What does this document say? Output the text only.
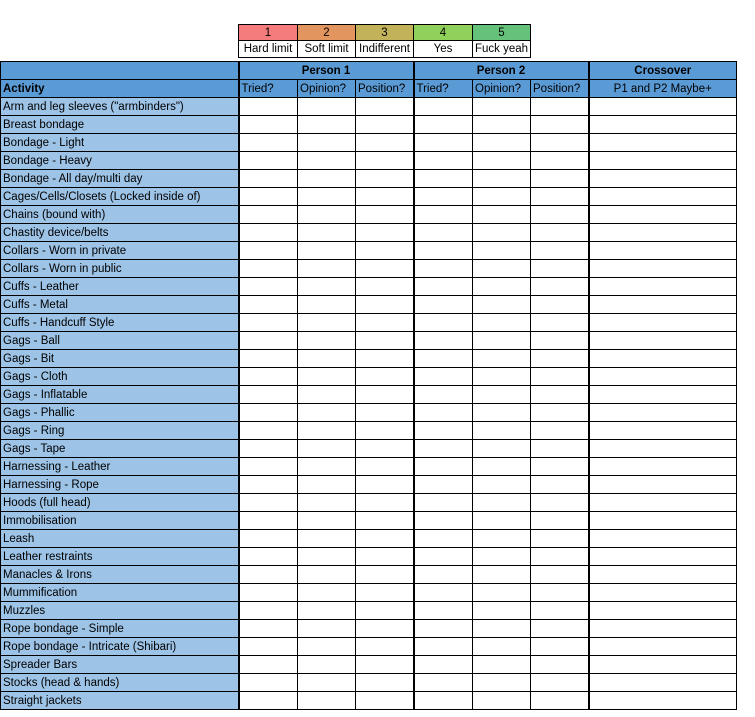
1	2	3	4	5
Hard limit	Soft limit	Indifferent	Yes	Fuck yeah
	Person 1			Person 2			Crossover
Activity	Tried?	Opinion?	Position?	Tried?	Opinion?	Position?	P1 and P2 Maybe+
Arm and leg sleeves ("armbinders")							
Breast bondage							
Bondage - Light							
Bondage - Heavy							
Bondage - All day/multi day							
Cages/Cells/Closets (Locked inside of)							
Chains (bound with)							
Chastity device/belts							
Collars - Worn in private							
Collars - Worn in public							
Cuffs - Leather							
Cuffs - Metal							
Cuffs - Handcuff Style							
Gags - Ball							
Gags - Bit							
Gags - Cloth							
Gags - Inflatable							
Gags - Phallic							
Gags - Ring							
Gags - Tape							
Harnessing - Leather							
Harnessing - Rope							
Hoods (full head)							
Immobilisation							
Leash							
Leather restraints							
Manacles & Irons							
Mummification							
Muzzles							
Rope bondage - Simple							
Rope bondage - Intricate (Shibari)							
Spreader Bars							
Stocks (head & hands)							
Straight jackets							
